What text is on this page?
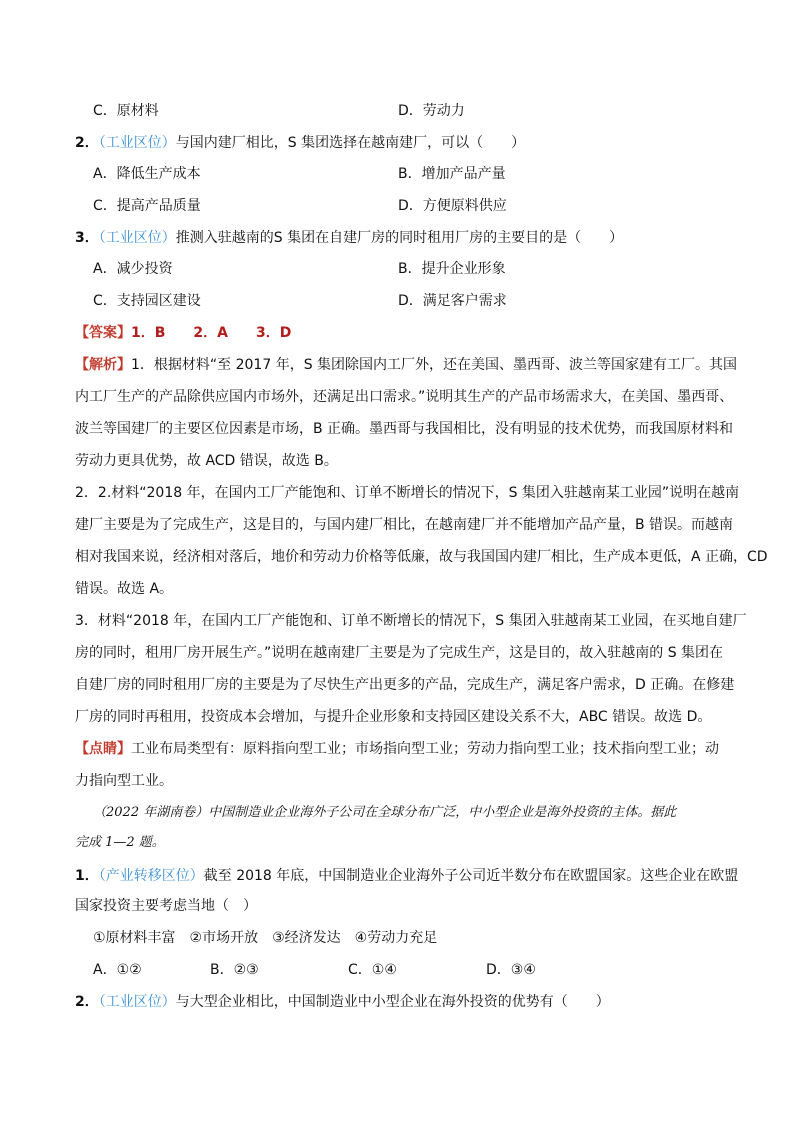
C．原材料	D．劳动力
2．（工业区位）与国内建厂相比，S 集团选择在越南建厂，可以（　　）
A．降低生产成本	B．增加产品产量
C．提高产品质量	D．方便原料供应
3．（工业区位）推测入驻越南的S 集团在自建厂房的同时租用厂房的主要目的是（　　）
A．减少投资	B．提升企业形象
C．支持园区建设	D．满足客户需求
【答案】1．B　　2．A　　3．D
【解析】1．根据材料“至 2017 年，S 集团除国内工厂外，还在美国、墨西哥、波兰等国家建有工厂。其国
内工厂生产的产品除供应国内市场外，还满足出口需求。”说明其生产的产品市场需求大，在美国、墨西哥、
波兰等国建厂的主要区位因素是市场，B 正确。墨西哥与我国相比，没有明显的技术优势，而我国原材料和
劳动力更具优势，故 ACD 错误，故选 B。
2．2.材料“2018 年，在国内工厂产能饱和、订单不断增长的情况下，S 集团入驻越南某工业园”说明在越南
建厂主要是为了完成生产，这是目的，与国内建厂相比，在越南建厂并不能增加产品产量，B 错误。而越南
相对我国来说，经济相对落后，地价和劳动力价格等低廉，故与我国国内建厂相比，生产成本更低，A 正确，CD
错误。故选 A。
3．材料“2018 年，在国内工厂产能饱和、订单不断增长的情况下，S 集团入驻越南某工业园，在买地自建厂
房的同时，租用厂房开展生产。”说明在越南建厂主要是为了完成生产，这是目的，故入驻越南的 S 集团在
自建厂房的同时租用厂房的主要是为了尽快生产出更多的产品，完成生产，满足客户需求，D 正确。在修建
厂房的同时再租用，投资成本会增加，与提升企业形象和支持园区建设关系不大，ABC 错误。故选 D。
【点睛】工业布局类型有：原料指向型工业；市场指向型工业；劳动力指向型工业；技术指向型工业；动
力指向型工业。
（2022 年湖南卷）中国制造业企业海外子公司在全球分布广泛，中小型企业是海外投资的主体。据此
完成 1—2 题。
1．（产业转移区位）截至 2018 年底，中国制造业企业海外子公司近半数分布在欧盟国家。这些企业在欧盟
国家投资主要考虑当地（　）
①原材料丰富　②市场开放　③经济发达　④劳动力充足
A．①②	B．②③	C．①④	D．③④
2．（工业区位）与大型企业相比，中国制造业中小型企业在海外投资的优势有（　　）
